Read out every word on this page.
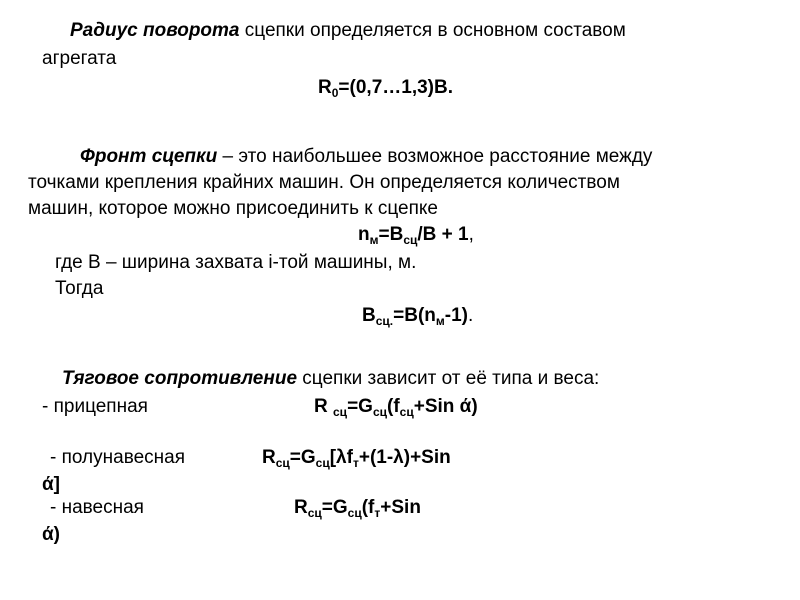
Радиус поворота сцепки определяется в основном составом
агрегата
$R_0=(0,7\dots 1,3)В$.
Фронт сцепки – это наибольшее возможное расстояние между
точками крепления крайних машин. Он определяется количеством
машин, которое можно присоединить к сцепке
$n_м=B_{сц}/B + 1$,
где В – ширина захвата i-той машины, м.
Тогда
$B_{сц.}=B(n_м-1)$.
Тяговое сопротивление сцепки зависит от её типа и веса:
- прицепная	R $_{сц}=G_{сц}(f_{сц}+Sin$ ά)
- полунавесная	$R_{сц}=G_{сц}[\lambda f_т+(1-\lambda)+Sin$
ά]
- навесная	$R_{сц}=G_{сц}(f_т+Sin$
ά)
